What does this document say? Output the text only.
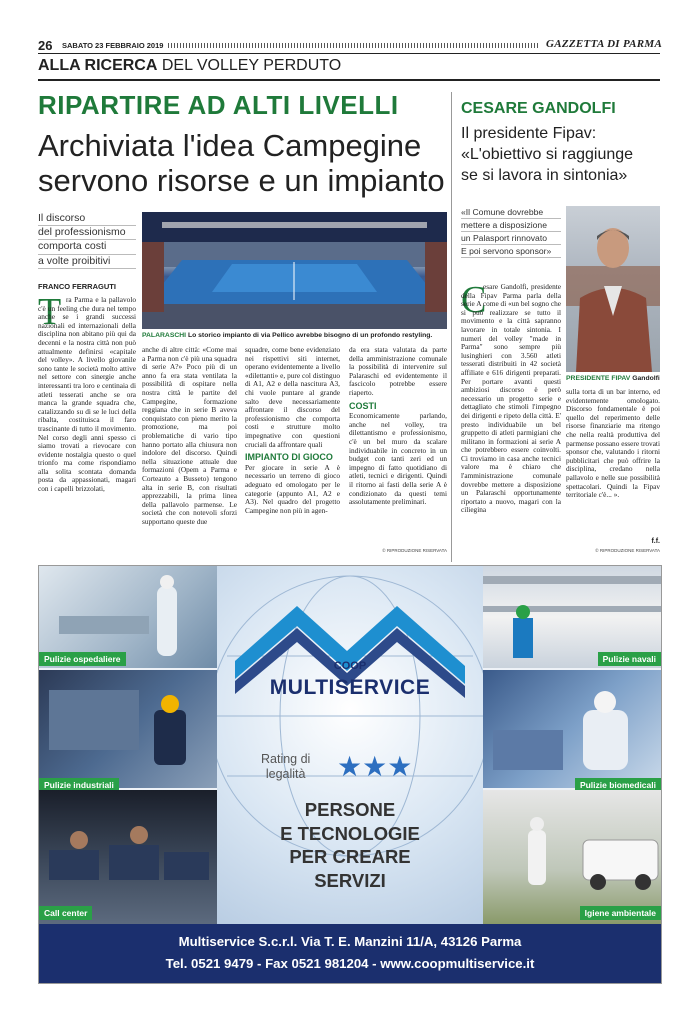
26 SABATO 23 FEBBRAIO 2019	GAZZETTA DI PARMA
ALLA RICERCA DEL VOLLEY PERDUTO
RIPARTIRE AD ALTI LIVELLI
Archiviata l'idea Campegine
servono risorse e un impianto
Il discorso
del professionismo
comporta costi
a volte proibitivi
PALARASCHI Lo storico impianto di via Pellico avrebbe bisogno di un profondo restyling.
FRANCO FERRAGUTI
T ra Parma e la pallavolo c'è un feeling che dura nel tempo anche se i grandi successi nazionali ed internazionali della disciplina non abitano più qui da decenni e la nostra città non può attualmente definirsi «capitale del volley». A livello giovanile sono tante le società molto attive nel settore con sinergie anche interessanti tra loro e centinaia di atleti tesserati anche se ora manca la grande squadra che, catalizzando su di se le luci della ribalta, costituisca il faro trascinante di tutto il movimento. Nel corso degli anni spesso ci siamo trovati a rievocare con evidente nostalgia questo o quel trionfo ma come rispondiamo alla solita scontata domanda posta da appassionati, magari con i capelli brizzolati,

anche di altre città: «Come mai a Parma non c'è più una squadra di serie A?» Poco più di un anno fa era stata ventilata la possibilità di ospitare nella nostra città le partite del Campegine, formazione reggiana che in serie B aveva conquistato con pieno merito la promozione, ma poi problematiche di vario tipo hanno portato alla chiusura non indolore del discorso. Quindi nella situazione attuale due formazioni (Opem a Parma e Corteauto a Busseto) tengono alta in serie B, con risultati apprezzabili, la prima linea della pallavolo parmense. Le società che con notevoli sforzi supportano queste due

squadre, come bene evidenziato nei rispettivi siti internet, operano evidentemente a livello «dilettanti» e, pure col distinguo di A1, A2 e della nascitura A3, chi vuole puntare al grande salto deve necessariamente affrontare il discorso del professionismo che comporta costi e strutture molto impegnative con questioni cruciali da affrontare quali

IMPIANTO DI GIOCO

Per giocare in serie A è necessario un terreno di gioco adeguato ed omologato per le categorie (appunto A1, A2 e A3). Nel quadro del progetto Campegine non più in agen-

da era stata valutata da parte della amministrazione comunale la possibilità di intervenire sul Palaraschi ed evidentemente il fascicolo potrebbe essere riaperto.

COSTI

Economicamente parlando, anche nel volley, tra dilettantismo e professionismo, c'è un bel muro da scalare individuabile in concreto in un budget con tanti zeri ed un impegno di fatto quotidiano di atleti, tecnici e dirigenti. Quindi il ritorno ai fasti della serie A è condizionato da questi temi assolutamente preliminari.

© RIPRODUZIONE RISERVATA
CESARE GANDOLFI
Il presidente Fipav:
«L'obiettivo si raggiunge
se si lavora in sintonia»
«Il Comune dovrebbe
mettere a disposizione
un Palasport rinnovato
E poi servono sponsor»
PRESIDENTE FIPAV Gandolfi
C

esare Gandolfi, presidente della Fipav Parma parla della serie A come di «un bel sogno che si può realizzare se tutto il movimento e la città sapranno lavorare in totale sintonia. I numeri del volley "made in Parma" sono sempre più lusinghieri con 3.560 atleti tesserati distribuiti in 42 società affiliate e 616 dirigenti preparati. Per portare avanti questi ambiziosi discorso è però necessario un progetto serie e dettagliato che stimoli l'impegno dei dirigenti e ripeto della città. E' presto individuabile un bel gruppetto di atleti parmigiani che militano in formazioni ai serie A che potrebbero essere coinvolti. Ci troviamo in casa anche tecnici valore ma è chiaro che l'amministrazione comunale dovrebbe mettere a disposizione un Palaraschi opportunamente riportato a nuovo, magari con la ciliegina

sulla torta di un bar interno, ed evidentemente omologato. Discorso fondamentale è poi quello del reperimento delle risorse finanziarie ma ritengo che nella realtà produttiva del parmense possano essere trovati sponsor che, valutando i ritorni pubblicitari che può offrire la disciplina, credano nella pallavolo e nelle sue possibilità spettacolari. Quindi la Fipav territoriale c'è... ».

f.f.
© RIPRODUZIONE RISERVATA
COOP
MULTISERVICE
Rating di
legalità ★★★
PERSONE
E TECNOLOGIE
PER CREARE
SERVIZI
Pulizie ospedaliere
Pulizie industriali
Call center
Pulizie navali
Pulizie biomedicali
Igiene ambientale
Multiservice S.c.r.l. Via T. E. Manzini 11/A, 43126 Parma
Tel. 0521 9479 - Fax 0521 981204 - www.coopmultiservice.it
